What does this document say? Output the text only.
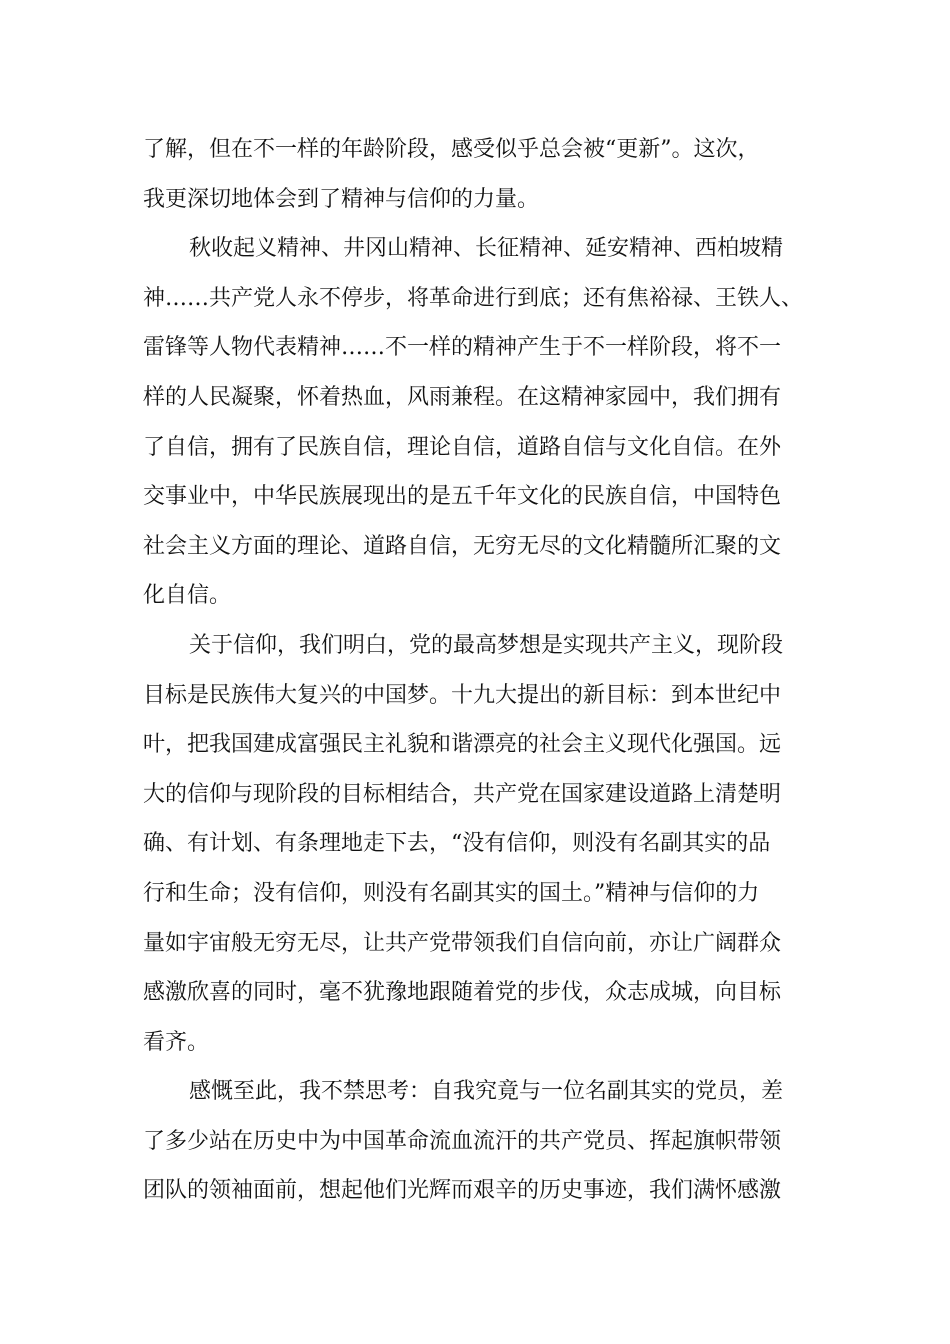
了解，但在不一样的年龄阶段，感受似乎总会被“更新”。这次，
我更深切地体会到了精神与信仰的力量。
秋收起义精神、井冈山精神、长征精神、延安精神、西柏坡精
神……共产党人永不停步，将革命进行到底；还有焦裕禄、王铁人、
雷锋等人物代表精神……不一样的精神产生于不一样阶段，将不一
样的人民凝聚，怀着热血，风雨兼程。在这精神家园中，我们拥有
了自信，拥有了民族自信，理论自信，道路自信与文化自信。在外
交事业中，中华民族展现出的是五千年文化的民族自信，中国特色
社会主义方面的理论、道路自信，无穷无尽的文化精髓所汇聚的文
化自信。
关于信仰，我们明白，党的最高梦想是实现共产主义，现阶段
目标是民族伟大复兴的中国梦。十九大提出的新目标：到本世纪中
叶，把我国建成富强民主礼貌和谐漂亮的社会主义现代化强国。远
大的信仰与现阶段的目标相结合，共产党在国家建设道路上清楚明
确、有计划、有条理地走下去，“没有信仰，则没有名副其实的品
行和生命；没有信仰，则没有名副其实的国土。”精神与信仰的力
量如宇宙般无穷无尽，让共产党带领我们自信向前，亦让广阔群众
感激欣喜的同时，毫不犹豫地跟随着党的步伐，众志成城，向目标
看齐。
感慨至此，我不禁思考：自我究竟与一位名副其实的党员，差
了多少站在历史中为中国革命流血流汗的共产党员、挥起旗帜带领
团队的领袖面前，想起他们光辉而艰辛的历史事迹，我们满怀感激
